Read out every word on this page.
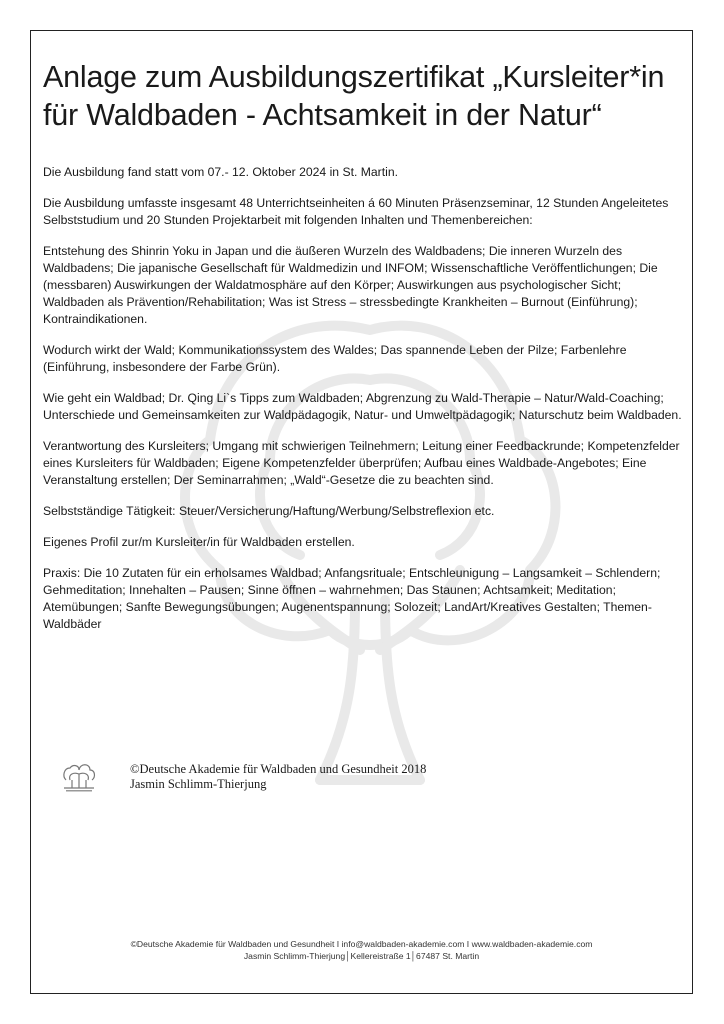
Anlage zum Ausbildungszertifikat „Kursleiter*in für Waldbaden - Achtsamkeit in der Natur“

Die Ausbildung fand statt vom 07.- 12. Oktober 2024 in St. Martin.

Die Ausbildung umfasste insgesamt 48 Unterrichtseinheiten á 60 Minuten Präsenzseminar, 12 Stunden Angeleitetes Selbststudium und 20 Stunden Projektarbeit mit folgenden Inhalten und Themenbereichen:

Entstehung des Shinrin Yoku in Japan und die äußeren Wurzeln des Waldbadens; Die inneren Wurzeln des Waldbadens; Die japanische Gesellschaft für Waldmedizin und INFOM; Wissenschaftliche Veröffentlichungen; Die (messbaren) Auswirkungen der Waldatmosphäre auf den Körper; Auswirkungen aus psychologischer Sicht; Waldbaden als Prävention/Rehabilitation; Was ist Stress – stressbedingte Krankheiten – Burnout (Einführung); Kontraindikationen.

Wodurch wirkt der Wald; Kommunikationssystem des Waldes; Das spannende Leben der Pilze; Farbenlehre (Einführung, insbesondere der Farbe Grün).

Wie geht ein Waldbad; Dr. Qing Li`s Tipps zum Waldbaden; Abgrenzung zu Wald-Therapie – Natur/Wald-Coaching; Unterschiede und Gemeinsamkeiten zur Waldpädagogik, Natur- und Umweltpädagogik; Naturschutz beim Waldbaden.

Verantwortung des Kursleiters; Umgang mit schwierigen Teilnehmern; Leitung einer Feedbackrunde; Kompetenzfelder eines Kursleiters für Waldbaden; Eigene Kompetenzfelder überprüfen; Aufbau eines Waldbade-Angebotes; Eine Veranstaltung erstellen; Der Seminarrahmen; „Wald“-Gesetze die zu beachten sind.

Selbstständige Tätigkeit: Steuer/Versicherung/Haftung/Werbung/Selbstreflexion etc.

Eigenes Profil zur/m Kursleiter/in für Waldbaden erstellen.

Praxis: Die 10 Zutaten für ein erholsames Waldbad; Anfangsrituale; Entschleunigung – Langsamkeit – Schlendern; Gehmeditation; Innehalten – Pausen; Sinne öffnen – wahrnehmen; Das Staunen; Achtsamkeit; Meditation; Atemübungen; Sanfte Bewegungsübungen; Augenentspannung; Solozeit; LandArt/Kreatives Gestalten; Themen-Waldbäder

©Deutsche Akademie für Waldbaden und Gesundheit 2018
Jasmin Schlimm-Thierjung
©Deutsche Akademie für Waldbaden und Gesundheit I info@waldbaden-akademie.com I www.waldbaden-akademie.com
Jasmin Schlimm-Thierjung│Kellereistraße 1│67487 St. Martin
